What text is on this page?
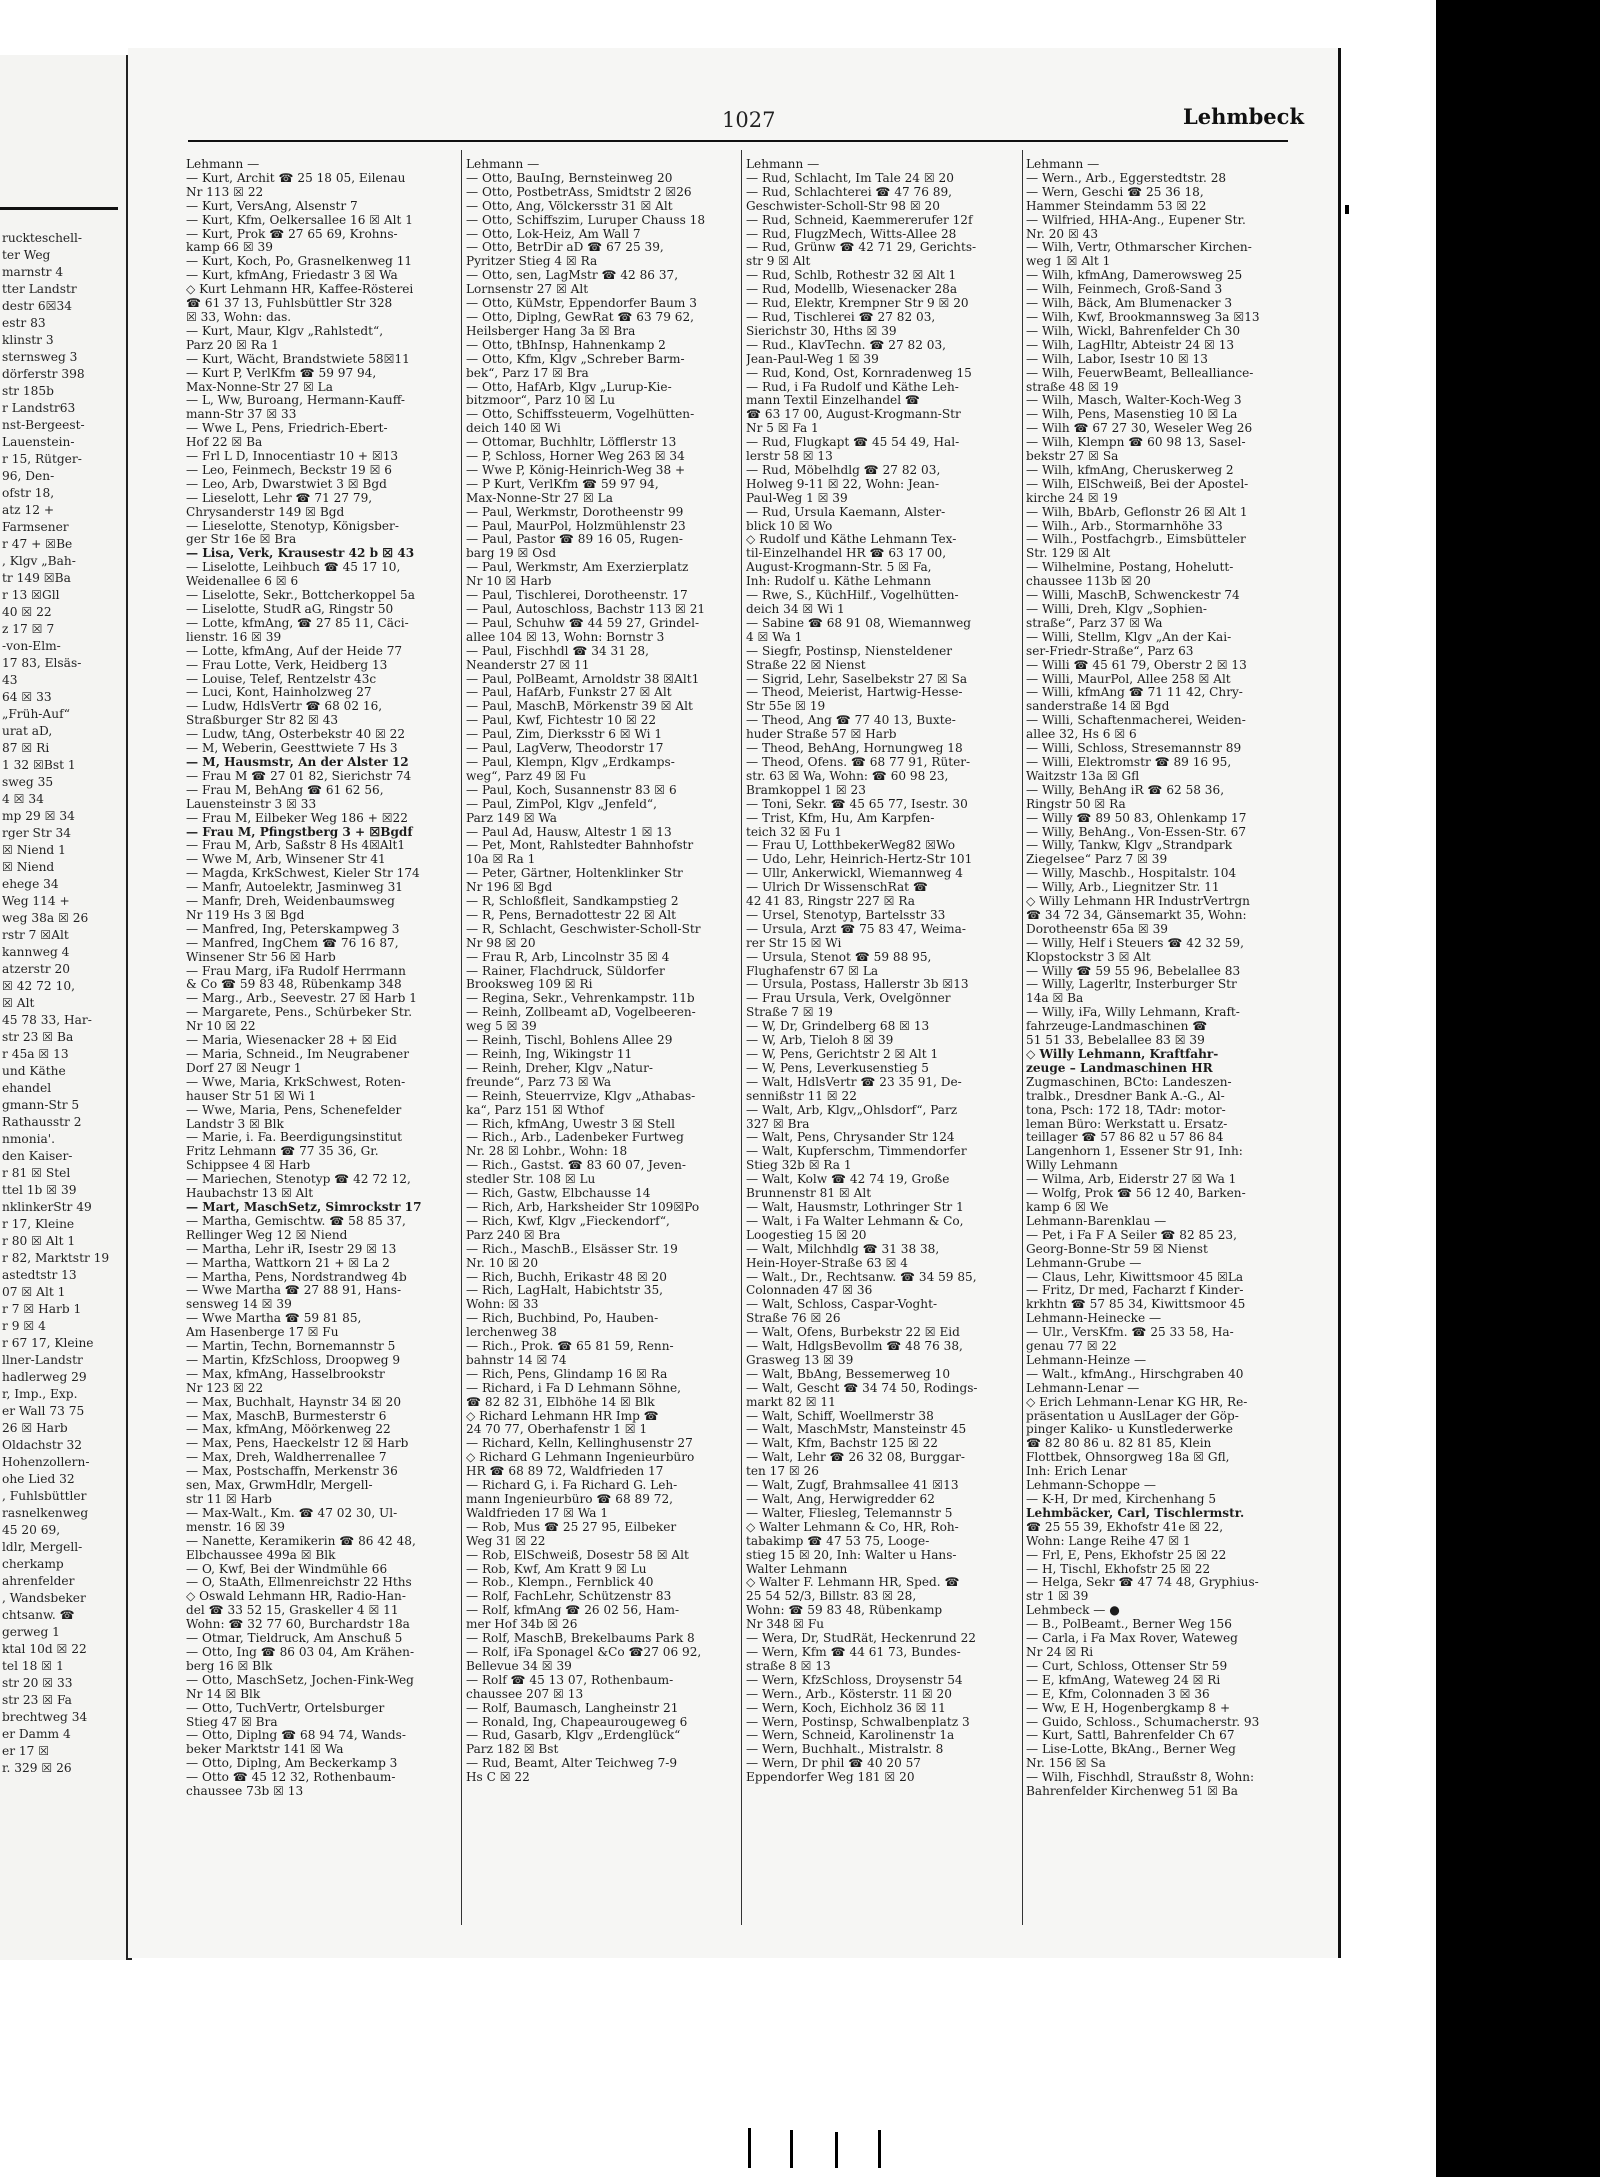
ruckteschell-
ter Weg
marnstr 4
tter Landstr
destr 6☒34
estr 83
klinstr 3
sternsweg 3
dörferstr 398
str 185b
r Landstr63
nst-Bergeest-
Lauenstein-
r 15, Rütger-
96, Den-
ofstr 18,
atz 12 +
Farmsener
r 47 + ☒Be
, Klgv „Bah-
tr 149 ☒Ba
r 13 ☒Gll
40 ☒ 22
z 17 ☒ 7
-von-Elm-
17 83, Elsäs-
43
64 ☒ 33
„Früh-Auf“
urat aD,
87 ☒ Ri
1 32 ☒Bst 1
sweg 35
4 ☒ 34
mp 29 ☒ 34
rger Str 34
☒ Niend 1
☒ Niend
ehege 34
Weg 114 +
weg 38a ☒ 26
rstr 7 ☒Alt
kannweg 4
atzerstr 20
☒ 42 72 10,
☒ Alt
45 78 33, Har-
str 23 ☒ Ba
r 45a ☒ 13
und Käthe
ehandel
gmann-Str 5
Rathausstr 2
nmonia'.
den Kaiser-
r 81 ☒ Stel
ttel 1b ☒ 39
nklinkerStr 49
r 17, Kleine
r 80 ☒ Alt 1
r 82, Marktstr 19
astedtstr 13
07 ☒ Alt 1
r 7 ☒ Harb 1
r 9 ☒ 4
r 67 17, Kleine
llner-Landstr
hadlerweg 29
r, Imp., Exp.
er Wall 73 75
26 ☒ Harb
Oldachstr 32
Hohenzollern-
ohe Lied 32
, Fuhlsbüttler
rasnelkenweg
45 20 69,
ldlr, Mergell-
cherkamp
ahrenfelder
, Wandsbeker
chtsanw. ☎
gerweg 1
ktal 10d ☒ 22
tel 18 ☒ 1
str 20 ☒ 33
str 23 ☒ Fa
brechtweg 34
er Damm 4
er 17 ☒
r. 329 ☒ 26
1027	Lehmbeck
Lehmann —
— Kurt, Archit ☎ 25 18 05, Eilenau
Nr 113 ☒ 22
— Kurt, VersAng, Alsenstr 7
— Kurt, Kfm, Oelkersallee 16 ☒ Alt 1
— Kurt, Prok ☎ 27 65 69, Krohns-
kamp 66 ☒ 39
— Kurt, Koch, Po, Grasnelkenweg 11
— Kurt, kfmAng, Friedastr 3 ☒ Wa
◇ Kurt Lehmann HR, Kaffee-Rösterei
☎ 61 37 13, Fuhlsbüttler Str 328
☒ 33, Wohn: das.
— Kurt, Maur, Klgv „Rahlstedt“,
Parz 20 ☒ Ra 1
— Kurt, Wächt, Brandstwiete 58☒11
— Kurt P, VerlKfm ☎ 59 97 94,
Max-Nonne-Str 27 ☒ La
— L, Ww, Buroang, Hermann-Kauff-
mann-Str 37 ☒ 33
— Wwe L, Pens, Friedrich-Ebert-
Hof 22 ☒ Ba
— Frl L D, Innocentiastr 10 + ☒13
— Leo, Feinmech, Beckstr 19 ☒ 6
— Leo, Arb, Dwarstwiet 3 ☒ Bgd
— Lieselott, Lehr ☎ 71 27 79,
Chrysanderstr 149 ☒ Bgd
— Lieselotte, Stenotyp, Königsber-
ger Str 16e ☒ Bra
— Lisa, Verk, Krausestr 42 b ☒ 43
— Liselotte, Leihbuch ☎ 45 17 10,
Weidenallee 6 ☒ 6
— Liselotte, Sekr., Bottcherkoppel 5a
— Liselotte, StudR aG, Ringstr 50
— Lotte, kfmAng, ☎ 27 85 11, Cäci-
lienstr. 16 ☒ 39
— Lotte, kfmAng, Auf der Heide 77
— Frau Lotte, Verk, Heidberg 13
— Louise, Telef, Rentzelstr 43c
— Luci, Kont, Hainholzweg 27
— Ludw, HdlsVertr ☎ 68 02 16,
Straßburger Str 82 ☒ 43
— Ludw, tAng, Osterbekstr 40 ☒ 22
— M, Weberin, Geesttwiete 7 Hs 3
— M, Hausmstr, An der Alster 12
— Frau M ☎ 27 01 82, Sierichstr 74
— Frau M, BehAng ☎ 61 62 56,
Lauensteinstr 3 ☒ 33
— Frau M, Eilbeker Weg 186 + ☒22
— Frau M, Pfingstberg 3 + ☒Bgdf
— Frau M, Arb, Saßstr 8 Hs 4☒Alt1
— Wwe M, Arb, Winsener Str 41
— Magda, KrkSchwest, Kieler Str 174
— Manfr, Autoelektr, Jasminweg 31
— Manfr, Dreh, Weidenbaumsweg
Nr 119 Hs 3 ☒ Bgd
— Manfred, Ing, Peterskampweg 3
— Manfred, IngChem ☎ 76 16 87,
Winsener Str 56 ☒ Harb
— Frau Marg, iFa Rudolf Herrmann
& Co ☎ 59 83 48, Rübenkamp 348
— Marg., Arb., Seevestr. 27 ☒ Harb 1
— Margarete, Pens., Schürbeker Str.
Nr 10 ☒ 22
— Maria, Wiesenacker 28 + ☒ Eid
— Maria, Schneid., Im Neugrabener
Dorf 27 ☒ Neugr 1
— Wwe, Maria, KrkSchwest, Roten-
hauser Str 51 ☒ Wi 1
— Wwe, Maria, Pens, Schenefelder
Landstr 3 ☒ Blk
— Marie, i. Fa. Beerdigungsinstitut
Fritz Lehmann ☎ 77 35 36, Gr.
Schippsee 4 ☒ Harb
— Mariechen, Stenotyp ☎ 42 72 12,
Haubachstr 13 ☒ Alt
— Mart, MaschSetz, Simrockstr 17
— Martha, Gemischtw. ☎ 58 85 37,
Rellinger Weg 12 ☒ Niend
— Martha, Lehr iR, Isestr 29 ☒ 13
— Martha, Wattkorn 21 + ☒ La 2
— Martha, Pens, Nordstrandweg 4b
— Wwe Martha ☎ 27 88 91, Hans-
sensweg 14 ☒ 39
— Wwe Martha ☎ 59 81 85,
Am Hasenberge 17 ☒ Fu
— Martin, Techn, Bornemannstr 5
— Martin, KfzSchloss, Droopweg 9
— Max, kfmAng, Hasselbrookstr
Nr 123 ☒ 22
— Max, Buchhalt, Haynstr 34 ☒ 20
— Max, MaschB, Burmesterstr 6
— Max, kfmAng, Möörkenweg 22
— Max, Pens, Haeckelstr 12 ☒ Harb
— Max, Dreh, Waldherrenallee 7
— Max, Postschaffn, Merkenstr 36
sen, Max, GrwmHdlr, Mergell-
str 11 ☒ Harb
— Max-Walt., Km. ☎ 47 02 30, Ul-
menstr. 16 ☒ 39
— Nanette, Keramikerin ☎ 86 42 48,
Elbchaussee 499a ☒ Blk
— O, Kwf, Bei der Windmühle 66
— O, StaAth, Ellmenreichstr 22 Hths
◇ Oswald Lehmann HR, Radio-Han-
del ☎ 33 52 15, Graskeller 4 ☒ 11
Wohn: ☎ 32 77 60, Burchardstr 18a
— Otmar, Tieldruck, Am Anschuß 5
— Otto, Ing ☎ 86 03 04, Am Krähen-
berg 16 ☒ Blk
— Otto, MaschSetz, Jochen-Fink-Weg
Nr 14 ☒ Blk
— Otto, TuchVertr, Ortelsburger
Stieg 47 ☒ Bra
— Otto, Diplng ☎ 68 94 74, Wands-
beker Marktstr 141 ☒ Wa
— Otto, Diplng, Am Beckerkamp 3
— Otto ☎ 45 12 32, Rothenbaum-
chaussee 73b ☒ 13
Lehmann —
— Otto, BauIng, Bernsteinweg 20
— Otto, PostbetrAss, Smidtstr 2 ☒26
— Otto, Ang, Völckersstr 31 ☒ Alt
— Otto, Schiffszim, Luruper Chauss 18
— Otto, Lok-Heiz, Am Wall 7
— Otto, BetrDir aD ☎ 67 25 39,
Pyritzer Stieg 4 ☒ Ra
— Otto, sen, LagMstr ☎ 42 86 37,
Lornsenstr 27 ☒ Alt
— Otto, KüMstr, Eppendorfer Baum 3
— Otto, Diplng, GewRat ☎ 63 79 62,
Heilsberger Hang 3a ☒ Bra
— Otto, tBhInsp, Hahnenkamp 2
— Otto, Kfm, Klgv „Schreber Barm-
bek“, Parz 17 ☒ Bra
— Otto, HafArb, Klgv „Lurup-Kie-
bitzmoor“, Parz 10 ☒ Lu
— Otto, Schiffssteuerm, Vogelhütten-
deich 140 ☒ Wi
— Ottomar, Buchhltr, Löfflerstr 13
— P, Schloss, Horner Weg 263 ☒ 34
— Wwe P, König-Heinrich-Weg 38 +
— P Kurt, VerlKfm ☎ 59 97 94,
Max-Nonne-Str 27 ☒ La
— Paul, Werkmstr, Dorotheenstr 99
— Paul, MaurPol, Holzmühlenstr 23
— Paul, Pastor ☎ 89 16 05, Rugen-
barg 19 ☒ Osd
— Paul, Werkmstr, Am Exerzierplatz
Nr 10 ☒ Harb
— Paul, Tischlerei, Dorotheenstr. 17
— Paul, Autoschloss, Bachstr 113 ☒ 21
— Paul, Schuhw ☎ 44 59 27, Grindel-
allee 104 ☒ 13, Wohn: Bornstr 3
— Paul, Fischhdl ☎ 34 31 28,
Neanderstr 27 ☒ 11
— Paul, PolBeamt, Arnoldstr 38 ☒Alt1
— Paul, HafArb, Funkstr 27 ☒ Alt
— Paul, MaschB, Mörkenstr 39 ☒ Alt
— Paul, Kwf, Fichtestr 10 ☒ 22
— Paul, Zim, Dierksstr 6 ☒ Wi 1
— Paul, LagVerw, Theodorstr 17
— Paul, Klempn, Klgv „Erdkamps-
weg“, Parz 49 ☒ Fu
— Paul, Koch, Susannenstr 83 ☒ 6
— Paul, ZimPol, Klgv „Jenfeld“,
Parz 149 ☒ Wa
— Paul Ad, Hausw, Altestr 1 ☒ 13
— Pet, Mont, Rahlstedter Bahnhofstr
10a ☒ Ra 1
— Peter, Gärtner, Holtenklinker Str
Nr 196 ☒ Bgd
— R, Schloßfleit, Sandkampstieg 2
— R, Pens, Bernadottestr 22 ☒ Alt
— R, Schlacht, Geschwister-Scholl-Str
Nr 98 ☒ 20
— Frau R, Arb, Lincolnstr 35 ☒ 4
— Rainer, Flachdruck, Süldorfer
Brooksweg 109 ☒ Ri
— Regina, Sekr., Vehrenkampstr. 11b
— Reinh, Zollbeamt aD, Vogelbeeren-
weg 5 ☒ 39
— Reinh, Tischl, Bohlens Allee 29
— Reinh, Ing, Wikingstr 11
— Reinh, Dreher, Klgv „Natur-
freunde“, Parz 73 ☒ Wa
— Reinh, Steuerrvize, Klgv „Athabas-
ka“, Parz 151 ☒ Wthof
— Rich, kfmAng, Uwestr 3 ☒ Stell
— Rich., Arb., Ladenbeker Furtweg
Nr. 28 ☒ Lohbr., Wohn: 18
— Rich., Gastst. ☎ 83 60 07, Jeven-
stedler Str. 108 ☒ Lu
— Rich, Gastw, Elbchausse 14
— Rich, Arb, Harksheider Str 109☒Po
— Rich, Kwf, Klgv „Fieckendorf“,
Parz 240 ☒ Bra
— Rich., MaschB., Elsässer Str. 19
Nr. 10 ☒ 20
— Rich, Buchh, Erikastr 48 ☒ 20
— Rich, LagHalt, Habichtstr 35,
Wohn: ☒ 33
— Rich, Buchbind, Po, Hauben-
lerchenweg 38
— Rich., Prok. ☎ 65 81 59, Renn-
bahnstr 14 ☒ 74
— Rich, Pens, Glindamp 16 ☒ Ra
— Richard, i Fa D Lehmann Söhne,
☎ 82 82 31, Elbhöhe 14 ☒ Blk
◇ Richard Lehmann HR Imp ☎
24 70 77, Oberhafenstr 1 ☒ 1
— Richard, Kelln, Kellinghusenstr 27
◇ Richard G Lehmann Ingenieurbüro
HR ☎ 68 89 72, Waldfrieden 17
— Richard G, i. Fa Richard G. Leh-
mann Ingenieurbüro ☎ 68 89 72,
Waldfrieden 17 ☒ Wa 1
— Rob, Mus ☎ 25 27 95, Eilbeker
Weg 31 ☒ 22
— Rob, ElSchweiß, Dosestr 58 ☒ Alt
— Rob, Kwf, Am Kratt 9 ☒ Lu
— Rob., Klempn., Fernblick 40
— Rolf, FachLehr, Schützenstr 83
— Rolf, kfmAng ☎ 26 02 56, Ham-
mer Hof 34b ☒ 26
— Rolf, MaschB, Brekelbaums Park 8
— Rolf, iFa Sponagel &Co ☎27 06 92,
Bellevue 34 ☒ 39
— Rolf ☎ 45 13 07, Rothenbaum-
chaussee 207 ☒ 13
— Rolf, Baumasch, Langheinstr 21
— Ronald, Ing, Chapeaurougeweg 6
— Rud, Gasarb, Klgv „Erdenglück“
Parz 182 ☒ Bst
— Rud, Beamt, Alter Teichweg 7-9
Hs C ☒ 22
Lehmann —
— Rud, Schlacht, Im Tale 24 ☒ 20
— Rud, Schlachterei ☎ 47 76 89,
Geschwister-Scholl-Str 98 ☒ 20
— Rud, Schneid, Kaemmererufer 12f
— Rud, FlugzMech, Witts-Allee 28
— Rud, Grünw ☎ 42 71 29, Gerichts-
str 9 ☒ Alt
— Rud, Schlb, Rothestr 32 ☒ Alt 1
— Rud, Modellb, Wiesenacker 28a
— Rud, Elektr, Krempner Str 9 ☒ 20
— Rud, Tischlerei ☎ 27 82 03,
Sierichstr 30, Hths ☒ 39
— Rud., KlavTechn. ☎ 27 82 03,
Jean-Paul-Weg 1 ☒ 39
— Rud, Kond, Ost, Kornradenweg 15
— Rud, i Fa Rudolf und Käthe Leh-
mann Textil Einzelhandel ☎
☎ 63 17 00, August-Krogmann-Str
Nr 5 ☒ Fa 1
— Rud, Flugkapt ☎ 45 54 49, Hal-
lerstr 58 ☒ 13
— Rud, Möbelhdlg ☎ 27 82 03,
Holweg 9-11 ☒ 22, Wohn: Jean-
Paul-Weg 1 ☒ 39
— Rud, Ursula Kaemann, Alster-
blick 10 ☒ Wo
◇ Rudolf und Käthe Lehmann Tex-
til-Einzelhandel HR ☎ 63 17 00,
August-Krogmann-Str. 5 ☒ Fa,
Inh: Rudolf u. Käthe Lehmann
— Rwe, S., KüchHilf., Vogelhütten-
deich 34 ☒ Wi 1
— Sabine ☎ 68 91 08, Wiemannweg
4 ☒ Wa 1
— Siegfr, Postinsp, Niensteldener
Straße 22 ☒ Nienst
— Sigrid, Lehr, Saselbekstr 27 ☒ Sa
— Theod, Meierist, Hartwig-Hesse-
Str 55e ☒ 19
— Theod, Ang ☎ 77 40 13, Buxte-
huder Straße 57 ☒ Harb
— Theod, BehAng, Hornungweg 18
— Theod, Ofens. ☎ 68 77 91, Rüter-
str. 63 ☒ Wa, Wohn: ☎ 60 98 23,
Bramkoppel 1 ☒ 23
— Toni, Sekr. ☎ 45 65 77, Isestr. 30
— Trist, Kfm, Hu, Am Karpfen-
teich 32 ☒ Fu 1
— Frau U, LotthbekerWeg82 ☒Wo
— Udo, Lehr, Heinrich-Hertz-Str 101
— Ullr, Ankerwickl, Wiemannweg 4
— Ulrich Dr WissenschRat ☎
42 41 83, Ringstr 227 ☒ Ra
— Ursel, Stenotyp, Bartelsstr 33
— Ursula, Arzt ☎ 75 83 47, Weima-
rer Str 15 ☒ Wi
— Ursula, Stenot ☎ 59 88 95,
Flughafenstr 67 ☒ La
— Ursula, Postass, Hallerstr 3b ☒13
— Frau Ursula, Verk, Ovelgönner
Straße 7 ☒ 19
— W, Dr, Grindelberg 68 ☒ 13
— W, Arb, Tieloh 8 ☒ 39
— W, Pens, Gerichtstr 2 ☒ Alt 1
— W, Pens, Leverkusenstieg 5
— Walt, HdlsVertr ☎ 23 35 91, De-
sennißstr 11 ☒ 22
— Walt, Arb, Klgv,„Ohlsdorf“, Parz
327 ☒ Bra
— Walt, Pens, Chrysander Str 124
— Walt, Kupferschm, Timmendorfer
Stieg 32b ☒ Ra 1
— Walt, Kolw ☎ 42 74 19, Große
Brunnenstr 81 ☒ Alt
— Walt, Hausmstr, Lothringer Str 1
— Walt, i Fa Walter Lehmann & Co,
Loogestieg 15 ☒ 20
— Walt, Milchhdlg ☎ 31 38 38,
Hein-Hoyer-Straße 63 ☒ 4
— Walt., Dr., Rechtsanw. ☎ 34 59 85,
Colonnaden 47 ☒ 36
— Walt, Schloss, Caspar-Voght-
Straße 76 ☒ 26
— Walt, Ofens, Burbekstr 22 ☒ Eid
— Walt, HdlgsBevollm ☎ 48 76 38,
Grasweg 13 ☒ 39
— Walt, BbAng, Bessemerweg 10
— Walt, Gescht ☎ 34 74 50, Rodings-
markt 82 ☒ 11
— Walt, Schiff, Woellmerstr 38
— Walt, MaschMstr, Mansteinstr 45
— Walt, Kfm, Bachstr 125 ☒ 22
— Walt, Lehr ☎ 26 32 08, Burggar-
ten 17 ☒ 26
— Walt, Zugf, Brahmsallee 41 ☒13
— Walt, Ang, Herwigredder 62
— Walter, Fliesleg, Telemannstr 5
◇ Walter Lehmann & Co, HR, Roh-
tabakimp ☎ 47 53 75, Looge-
stieg 15 ☒ 20, Inh: Walter u Hans-
Walter Lehmann
◇ Walter F. Lehmann HR, Sped. ☎
25 54 52/3, Billstr. 83 ☒ 28,
Wohn: ☎ 59 83 48, Rübenkamp
Nr 348 ☒ Fu
— Wera, Dr, StudRät, Heckenrund 22
— Wern, Kfm ☎ 44 61 73, Bundes-
straße 8 ☒ 13
— Wern, KfzSchloss, Droysenstr 54
— Wern., Arb., Kösterstr. 11 ☒ 20
— Wern, Koch, Eichholz 36 ☒ 11
— Wern, Postinsp, Schwalbenplatz 3
— Wern, Schneid, Karolinenstr 1a
— Wern, Buchhalt., Mistralstr. 8
— Wern, Dr phil ☎ 40 20 57
Eppendorfer Weg 181 ☒ 20
Lehmann —
— Wern., Arb., Eggerstedtstr. 28
— Wern, Geschi ☎ 25 36 18,
Hammer Steindamm 53 ☒ 22
— Wilfried, HHA-Ang., Eupener Str.
Nr. 20 ☒ 43
— Wilh, Vertr, Othmarscher Kirchen-
weg 1 ☒ Alt 1
— Wilh, kfmAng, Damerowsweg 25
— Wilh, Feinmech, Groß-Sand 3
— Wilh, Bäck, Am Blumenacker 3
— Wilh, Kwf, Brookmannsweg 3a ☒13
— Wilh, Wickl, Bahrenfelder Ch 30
— Wilh, LagHltr, Abteistr 24 ☒ 13
— Wilh, Labor, Isestr 10 ☒ 13
— Wilh, FeuerwBeamt, Bellealliance-
straße 48 ☒ 19
— Wilh, Masch, Walter-Koch-Weg 3
— Wilh, Pens, Masenstieg 10 ☒ La
— Wilh ☎ 67 27 30, Weseler Weg 26
— Wilh, Klempn ☎ 60 98 13, Sasel-
bekstr 27 ☒ Sa
— Wilh, kfmAng, Cheruskerweg 2
— Wilh, ElSchweiß, Bei der Apostel-
kirche 24 ☒ 19
— Wilh, BbArb, Geflonstr 26 ☒ Alt 1
— Wilh., Arb., Stormarnhöhe 33
— Wilh., Postfachgrb., Eimsbütteler
Str. 129 ☒ Alt
— Wilhelmine, Postang, Hohelutt-
chaussee 113b ☒ 20
— Willi, MaschB, Schwenckestr 74
— Willi, Dreh, Klgv „Sophien-
straße“, Parz 37 ☒ Wa
— Willi, Stellm, Klgv „An der Kai-
ser-Friedr-Straße“, Parz 63
— Willi ☎ 45 61 79, Oberstr 2 ☒ 13
— Willi, MaurPol, Allee 258 ☒ Alt
— Willi, kfmAng ☎ 71 11 42, Chry-
sanderstraße 14 ☒ Bgd
— Willi, Schaftenmacherei, Weiden-
allee 32, Hs 6 ☒ 6
— Willi, Schloss, Stresemannstr 89
— Willi, Elektromstr ☎ 89 16 95,
Waitzstr 13a ☒ Gfl
— Willy, BehAng iR ☎ 62 58 36,
Ringstr 50 ☒ Ra
— Willy ☎ 89 50 83, Ohlenkamp 17
— Willy, BehAng., Von-Essen-Str. 67
— Willy, Tankw, Klgv „Strandpark
Ziegelsee“ Parz 7 ☒ 39
— Willy, Maschb., Hospitalstr. 104
— Willy, Arb., Liegnitzer Str. 11
◇ Willy Lehmann HR IndustrVertrgn
☎ 34 72 34, Gänsemarkt 35, Wohn:
Dorotheenstr 65a ☒ 39
— Willy, Helf i Steuers ☎ 42 32 59,
Klopstockstr 3 ☒ Alt
— Willy ☎ 59 55 96, Bebelallee 83
— Willy, Lagerltr, Insterburger Str
14a ☒ Ba
— Willy, iFa, Willy Lehmann, Kraft-
fahrzeuge-Landmaschinen ☎
51 51 33, Bebelallee 83 ☒ 39
◇ Willy Lehmann, Kraftfahr-
zeuge – Landmaschinen HR
Zugmaschinen, BCto: Landeszen-
tralbk., Dresdner Bank A.-G., Al-
tona, Psch: 172 18, TAdr: motor-
leman Büro: Werkstatt u. Ersatz-
teillager ☎ 57 86 82 u 57 86 84
Langenhorn 1, Essener Str 91, Inh:
Willy Lehmann
— Wilma, Arb, Eiderstr 27 ☒ Wa 1
— Wolfg, Prok ☎ 56 12 40, Barken-
kamp 6 ☒ We
Lehmann-Barenklau —
— Pet, i Fa F A Seiler ☎ 82 85 23,
Georg-Bonne-Str 59 ☒ Nienst
Lehmann-Grube —
— Claus, Lehr, Kiwittsmoor 45 ☒La
— Fritz, Dr med, Facharzt f Kinder-
krkhtn ☎ 57 85 34, Kiwittsmoor 45
Lehmann-Heinecke —
— Ulr., VersKfm. ☎ 25 33 58, Ha-
genau 77 ☒ 22
Lehmann-Heinze —
— Walt., kfmAng., Hirschgraben 40
Lehmann-Lenar —
◇ Erich Lehmann-Lenar KG HR, Re-
präsentation u AuslLager der Göp-
pinger Kaliko- u Kunstlederwerke
☎ 82 80 86 u. 82 81 85, Klein
Flottbek, Ohnsorgweg 18a ☒ Gfl,
Inh: Erich Lenar
Lehmann-Schoppe —
— K-H, Dr med, Kirchenhang 5
Lehmbäcker, Carl, Tischlermstr.
☎ 25 55 39, Ekhofstr 41e ☒ 22,
Wohn: Lange Reihe 47 ☒ 1
— Frl, E, Pens, Ekhofstr 25 ☒ 22
— H, Tischl, Ekhofstr 25 ☒ 22
— Helga, Sekr ☎ 47 74 48, Gryphius-
str 1 ☒ 39
Lehmbeck — ●
— B., PolBeamt., Berner Weg 156
— Carla, i Fa Max Rover, Wateweg
Nr 24 ☒ Ri
— Curt, Schloss, Ottenser Str 59
— E, kfmAng, Wateweg 24 ☒ Ri
— E, Kfm, Colonnaden 3 ☒ 36
— Ww, E H, Hogenbergkamp 8 +
— Guido, Schloss., Schumacherstr. 93
— Kurt, Sattl, Bahrenfelder Ch 67
— Lise-Lotte, BkAng., Berner Weg
Nr. 156 ☒ Sa
— Wilh, Fischhdl, Straußstr 8, Wohn:
Bahrenfelder Kirchenweg 51 ☒ Ba
